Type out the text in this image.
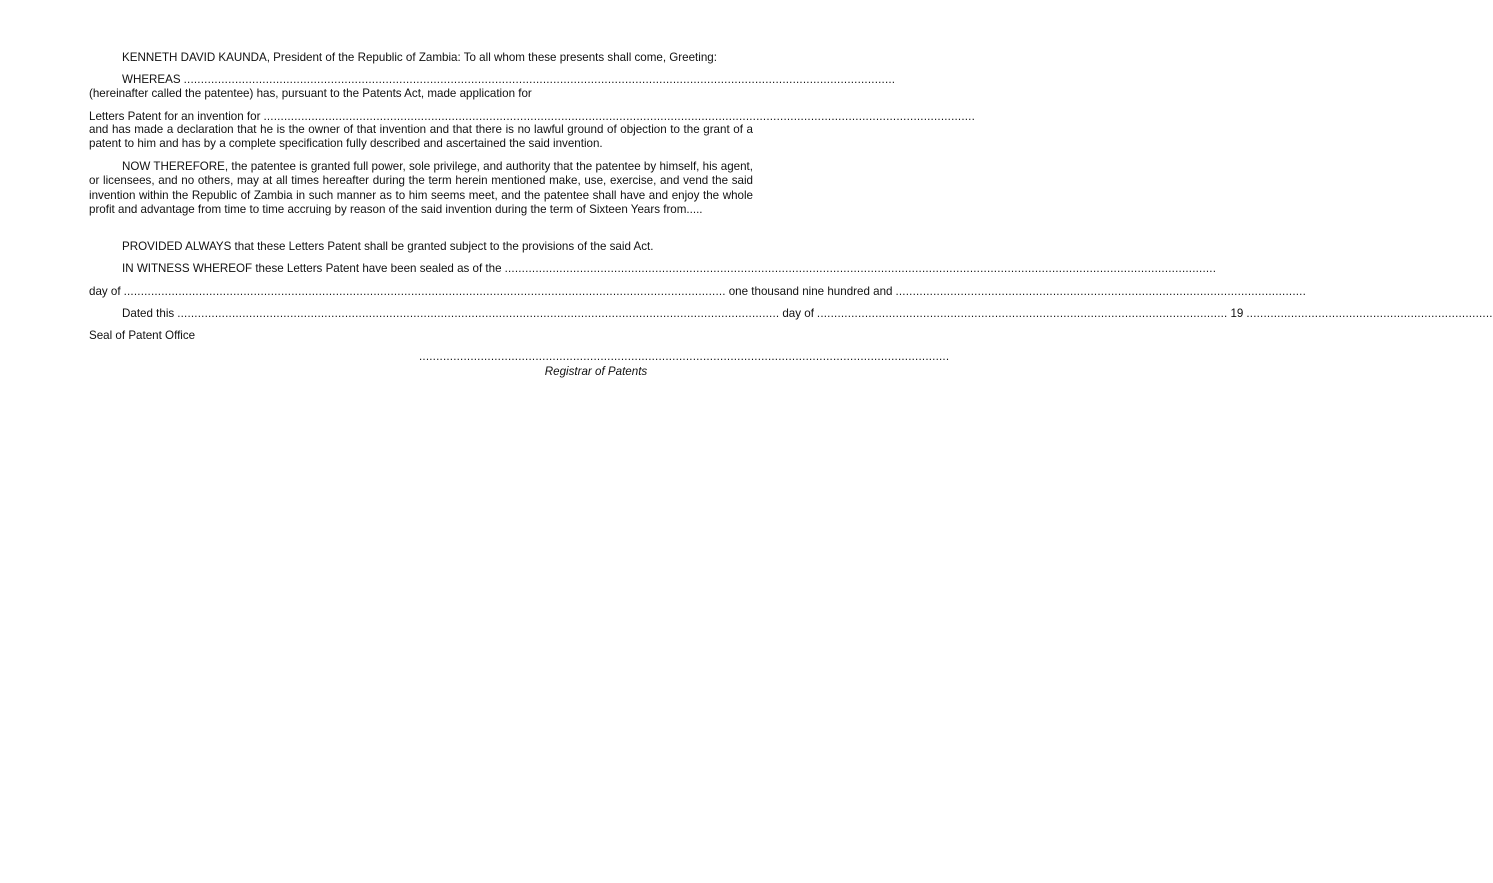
KENNETH DAVID KAUNDA, President of the Republic of Zambia: To all whom these presents shall come, Greeting:
WHEREAS ................................................................................................................................................................................................................
(hereinafter called the patentee) has, pursuant to the Patents Act, made application for
Letters Patent for an invention for ................................................................................................................................................................................................................
and has made a declaration that he is the owner of that invention and that there is no lawful ground of objection to the grant of a patent to him and has by a complete specification fully described and ascertained the said invention.
NOW THEREFORE, the patentee is granted full power, sole privilege, and authority that the patentee by himself, his agent, or licensees, and no others, may at all times hereafter during the term herein mentioned make, use, exercise, and vend the said invention within the Republic of Zambia in such manner as to him seems meet, and the patentee shall have and enjoy the whole profit and advantage from time to time accruing by reason of the said invention during the term of Sixteen Years from.....
PROVIDED ALWAYS that these Letters Patent shall be granted subject to the provisions of the said Act.
IN WITNESS WHEREOF these Letters Patent have been sealed as of the ................................................................................................................................................................................................................
day of ................................................................................................................................................................................ one thousand nine hundred and ........................................................................................................................
Dated this ................................................................................................................................................................................ day of ........................................................................................................................ 19 ........................................................................
Seal of Patent Office
...........................................................................................................................................................
Registrar of Patents
